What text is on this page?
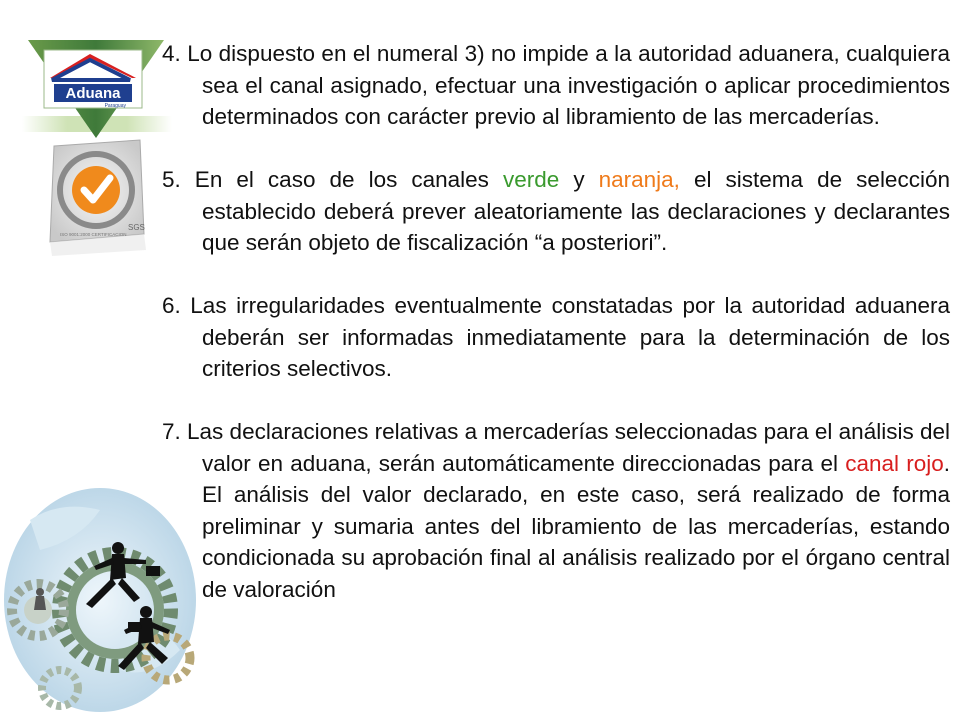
Aduana
Paraguay
SGS
ISO 9001:2000 CERTIFICACION

4. Lo dispuesto en el numeral 3) no impide a la autoridad aduanera, cualquiera sea el canal asignado, efectuar una investigación o aplicar procedimientos determinados con carácter previo al libramiento de las mercaderías.

5. En el caso de los canales verde y naranja, el sistema de selección establecido deberá prever aleatoriamente las declaraciones y declarantes que serán objeto de fiscalización “a posteriori”.

6. Las irregularidades eventualmente constatadas por la autoridad aduanera deberán ser informadas inmediatamente para la determinación de los criterios selectivos.

7. Las declaraciones relativas a mercaderías seleccionadas para el análisis del valor en aduana, serán automáticamente direccionadas para el canal rojo. El análisis del valor declarado, en este caso, será realizado de forma preliminar y sumaria antes del libramiento de las mercaderías, estando condicionada su aprobación final al análisis realizado por el órgano central de valoración
